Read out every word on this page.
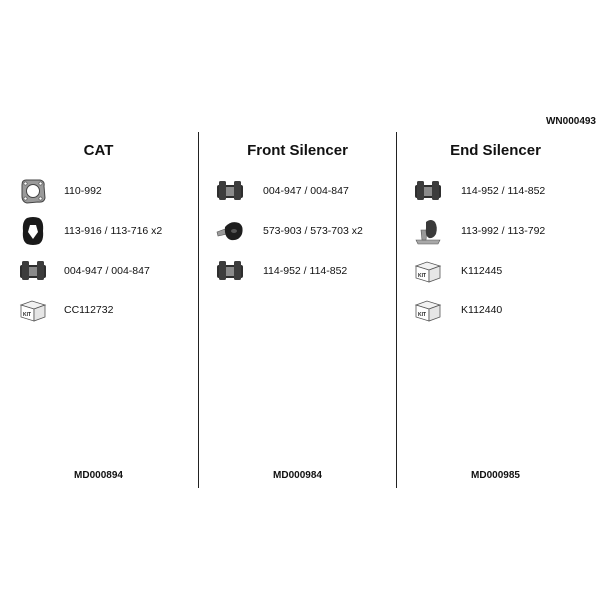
WN000493
CAT
110-992
113-916 / 113-716 x2
004-947 / 004-847
KIT	CC112732
MD000894
Front Silencer
004-947 / 004-847
573-903 / 573-703 x2
114-952 / 114-852
MD000984
End Silencer
114-952 / 114-852
113-992 / 113-792
KIT	K112445
KIT	K112440
MD000985
